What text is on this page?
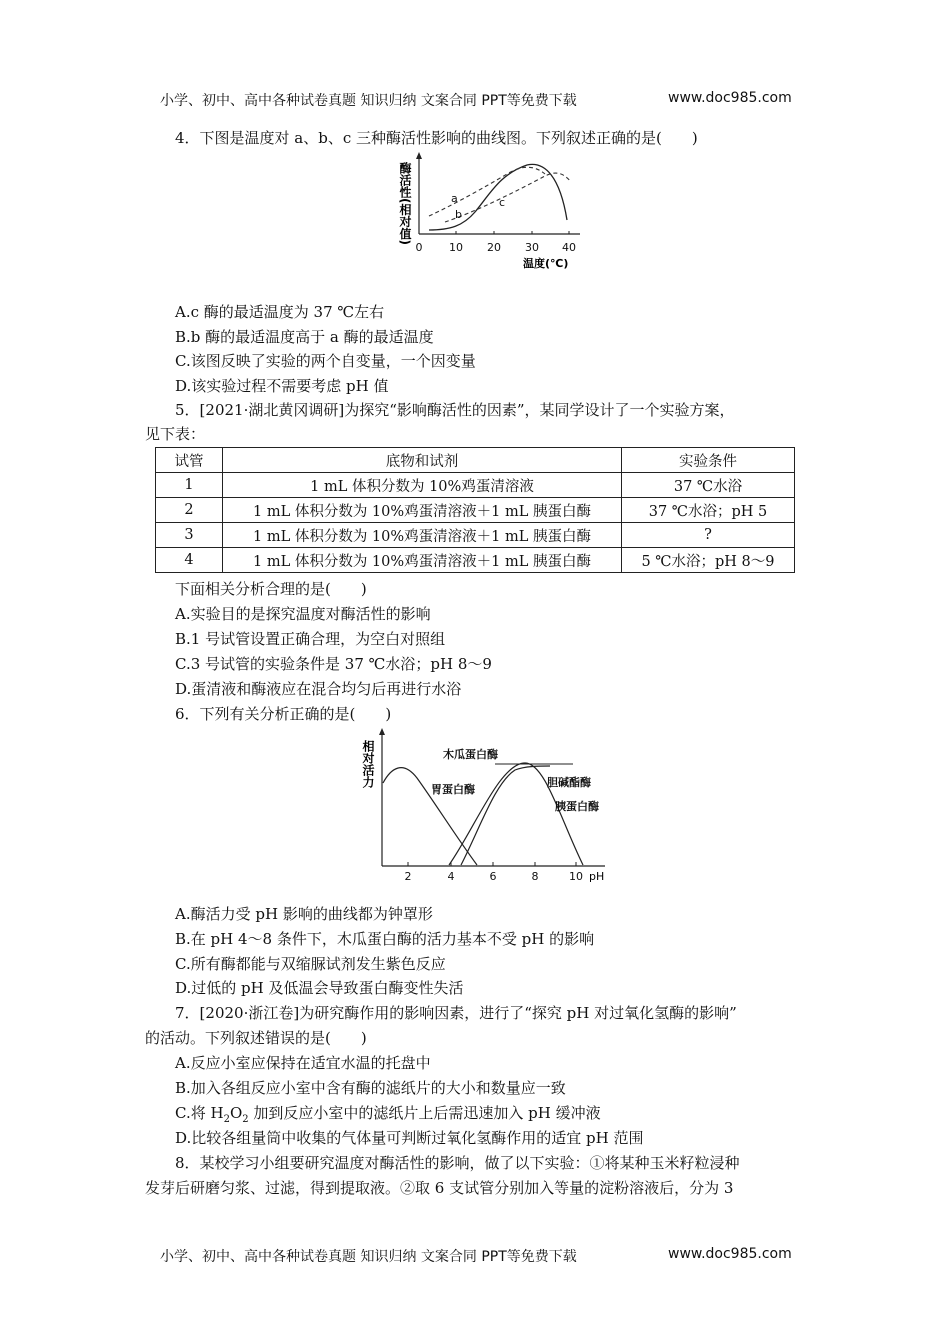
小学、初中、高中各种试卷真题 知识归纳 文案合同 PPT等免费下载	www.doc985.com
4．下图是温度对 a、b、c 三种酶活性影响的曲线图。下列叙述正确的是(　　)
酶活性(相对值)
0 10 20 30 40
a
b
c
温度(℃)
A.c 酶的最适温度为 37 ℃左右
B.b 酶的最适温度高于 a 酶的最适温度
C.该图反映了实验的两个自变量，一个因变量
D.该实验过程不需要考虑 pH 值
5．[2021·湖北黄冈调研]为探究“影响酶活性的因素”，某同学设计了一个实验方案，
见下表：
试管	底物和试剂	实验条件
1	1 mL 体积分数为 10%鸡蛋清溶液	37 ℃水浴
2	1 mL 体积分数为 10%鸡蛋清溶液＋1 mL 胰蛋白酶	37 ℃水浴；pH 5
3	1 mL 体积分数为 10%鸡蛋清溶液＋1 mL 胰蛋白酶	?
4	1 mL 体积分数为 10%鸡蛋清溶液＋1 mL 胰蛋白酶	5 ℃水浴；pH 8～9
下面相关分析合理的是(　　)
A.实验目的是探究温度对酶活性的影响
B.1 号试管设置正确合理，为空白对照组
C.3 号试管的实验条件是 37 ℃水浴；pH 8～9
D.蛋清液和酶液应在混合均匀后再进行水浴
6．下列有关分析正确的是(　　)
相对活力
2	4	6	8	10 pH
木瓜蛋白酶
胆碱酯酶
胃蛋白酶
胰蛋白酶
A.酶活力受 pH 影响的曲线都为钟罩形
B.在 pH 4～8 条件下，木瓜蛋白酶的活力基本不受 pH 的影响
C.所有酶都能与双缩脲试剂发生紫色反应
D.过低的 pH 及低温会导致蛋白酶变性失活
7．[2020·浙江卷]为研究酶作用的影响因素，进行了“探究 pH 对过氧化氢酶的影响”
的活动。下列叙述错误的是(　　)
A.反应小室应保持在适宜水温的托盘中
B.加入各组反应小室中含有酶的滤纸片的大小和数量应一致
C.将 $H_2O_2$ 加到反应小室中的滤纸片上后需迅速加入 pH 缓冲液
D.比较各组量筒中收集的气体量可判断过氧化氢酶作用的适宜 pH 范围
8．某校学习小组要研究温度对酶活性的影响，做了以下实验：①将某种玉米籽粒浸种
发芽后研磨匀浆、过滤，得到提取液。②取 6 支试管分别加入等量的淀粉溶液后，分为 3
小学、初中、高中各种试卷真题 知识归纳 文案合同 PPT等免费下载	www.doc985.com
